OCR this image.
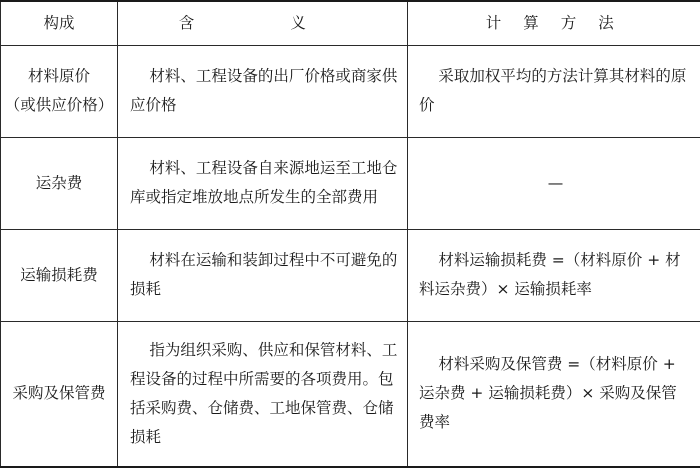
构成	含　义	计 算 方 法

材料原价
（或供应价格）	材料、工程设备的出厂价格或商家供应价格	采取加权平均的方法计算其材料的原价

运杂费	材料、工程设备自来源地运至工地仓库或指定堆放地点所发生的全部费用	—

运输损耗费	材料在运输和装卸过程中不可避免的损耗	材料运输损耗费 =（材料原价 + 材料运杂费）× 运输损耗率

采购及保管费	指为组织采购、供应和保管材料、工程设备的过程中所需要的各项费用。包括采购费、仓储费、工地保管费、仓储损耗	材料采购及保管费 =（材料原价 + 运杂费 + 运输损耗费）× 采购及保管费率
